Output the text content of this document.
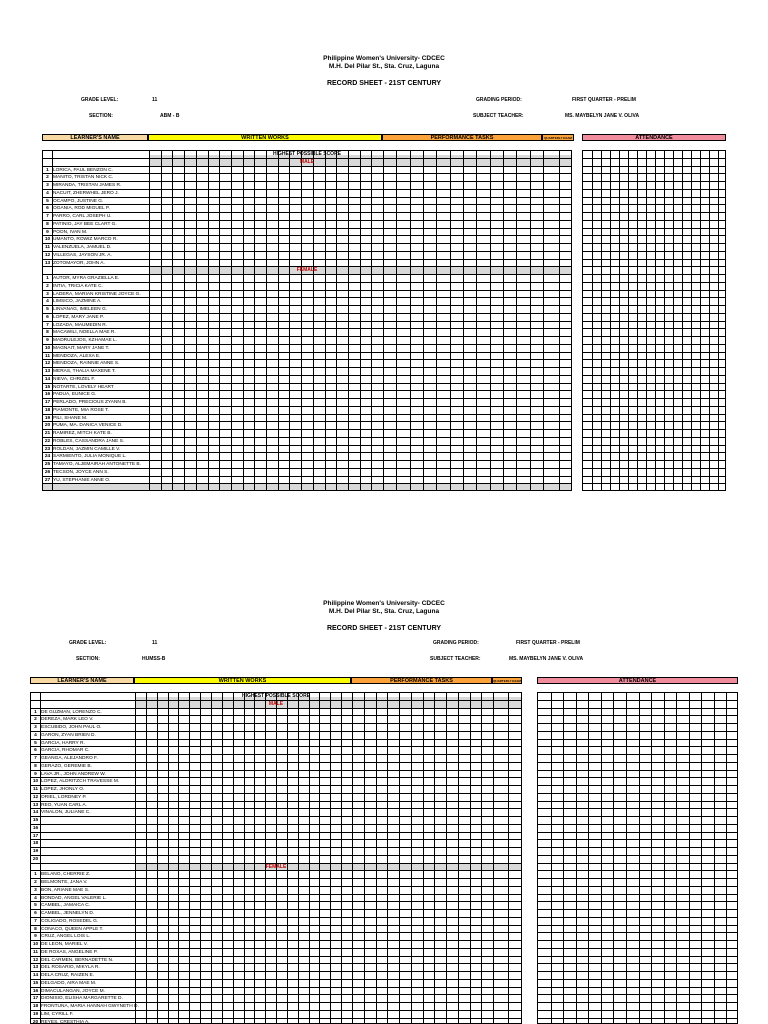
Philippine Women's University- CDCEC
M.H. Del Pilar St., Sta. Cruz, Laguna
RECORD SHEET - 21ST CENTURY
GRADE LEVEL:	11
SECTION:	ABM - B
GRADING PERIOD:	FIRST QUARTER - PRELIM
SUBJECT TEACHER:	MS. MAYBELYN JANE V. OLIVA
LEARNER'S NAME	WRITTEN WORKS	PERFORMANCE TASKS	QUARTERLY EXAM	ATTENDANCE
HIGHEST POSSIBLE SCORE
MALE
1 LORICA, PAUL BENZON C.
2 MANITO, TRISTAN NICK C.
3 MIRANDA, TRISTAN JAMES R.
4 NACUIT, ZHERWHEL JERO J.
5 OCAMPO, JUSTINE G.
6 OGANIA, ROD MIGUEL P.
7 PARRO, CARL JOSEPH U.
8 PATINIO, JAY BEE CLART G.
9 POON, IVAN M.
10 UMANTO, ROWIZ MARCO R.
11 VALENZUELA, JAMUEL D.
12 VILLEGAS, JAYSON JR. A.
13 ZOTOMAYOR, JOHN A.
FEMALE
1 AUTOR, MYRA GRAZIELLA E.
2 INTIA, TRICIA KATE C.
3 LADERA, MARIAN KRISTINE JOYCE G.
4 LIMSICO, JAZMINE A.
5 LINVANAG, IMELEEN G.
6 LOPEZ, MARY JANE P.
7 LOZADA, MAUMEDIN R.
8 MACAWILI, NOELLA MAE R.
9 MADRULEJOS, KZHAMAE L.
10 MAGNAIT, MARY JANE T.
11 MENDOZA, ALEXA E.
12 MENDOZA, RAINNIE ANNE S.
13 MERAS, THALIA MAXENE T.
14 NIEVA, CHRIZEL F.
15 NOTARTE, LOVELY HEART
16 PADUA, EUNICE G.
17 PERLADO, PRECIOUS ZYANN B.
18 PIAMONTE, MIA ROSE T.
19 PILI, SHANE M.
20 PUMA, MA. DANICA VENICE D.
21 RAMIREZ, MITCH KATE B.
22 ROBLES, CASSANDRA JANE S.
23 ROLDAN, JAZMIN CAMILLE V.
24 SARMIENTO, JULIA MONIQUE L.
25 TAMAYO, ALJEMAIRAH ANTONETTE B.
26 TECSON, JOYCE ANN S.
27 YU, STEPHANIE ANNE O.
Philippine Women's University- CDCEC
M.H. Del Pilar St., Sta. Cruz, Laguna
RECORD SHEET - 21ST CENTURY
GRADE LEVEL:	11
SECTION:	HUMSS-B
GRADING PERIOD:	FIRST QUARTER - PRELIM
SUBJECT TEACHER:	MS. MAYBELYN JANE V. OLIVA
LEARNER'S NAME	WRITTEN WORKS	PERFORMANCE TASKS	QUARTERLY EXAM	ATTENDANCE
HIGHEST POSSIBLE SCORE
MALE
1 DE GUZMAN, LORENZO C.
2 DEREZA, MARK LEO V.
3 ESCUBIDO, JOHN PAUL O.
4 GARON, ZYAN BRIEN D.
5 GARCIA, HARRY R.
6 GARCIA, RHOMAR C.
7 GEANGA, ALEJANDRO F.
8 GERAZO, GEREMIE B.
9 LAVA JR., JOHN ANDREW W.
10 LOPEZ, ALDRITZCH TRAVESSE M.
11 LOPEZ, JHONLY O.
12 ORIEL, LORDNEY P.
13 REO, YUAN CARL A.
14 VINALON, JULIANE C.
15
16
17
18
19
20
FEMALE
1 BELANO, CHERRIE Z.
2 BELMONTE, JANA V.
3 BON, ARIANE MAE S.
4 BONDAD, ANGEL VALERIE L.
5 CAMBEL, JAMAICA C.
6 CAMBEL, JENNELYN D.
7 COLIGADO, ROSEDEL G.
8 CONACO, QUEEN APPLE T.
9 CRUZ, ANGEL LOIS L.
10 DE LEON, MARIEL V.
11 DE ROXAS, ANGELINE P.
12 DEL CARMEN, BERNADETTE N.
13 DEL ROSARIO, MIKYLA R.
14 DELA CRUZ, RAIZEN E.
15 DELGADO, AIRA MAE M.
16 DIMACULANGAN, JOYCE M.
17 DIONISIO, ELISHA MARGARETTE D.
18 FRONTUNA, MARIA HANNAH GWYNETH D.
19 LIM, CYRILL F.
20 REYES, CRESTHIA A.
